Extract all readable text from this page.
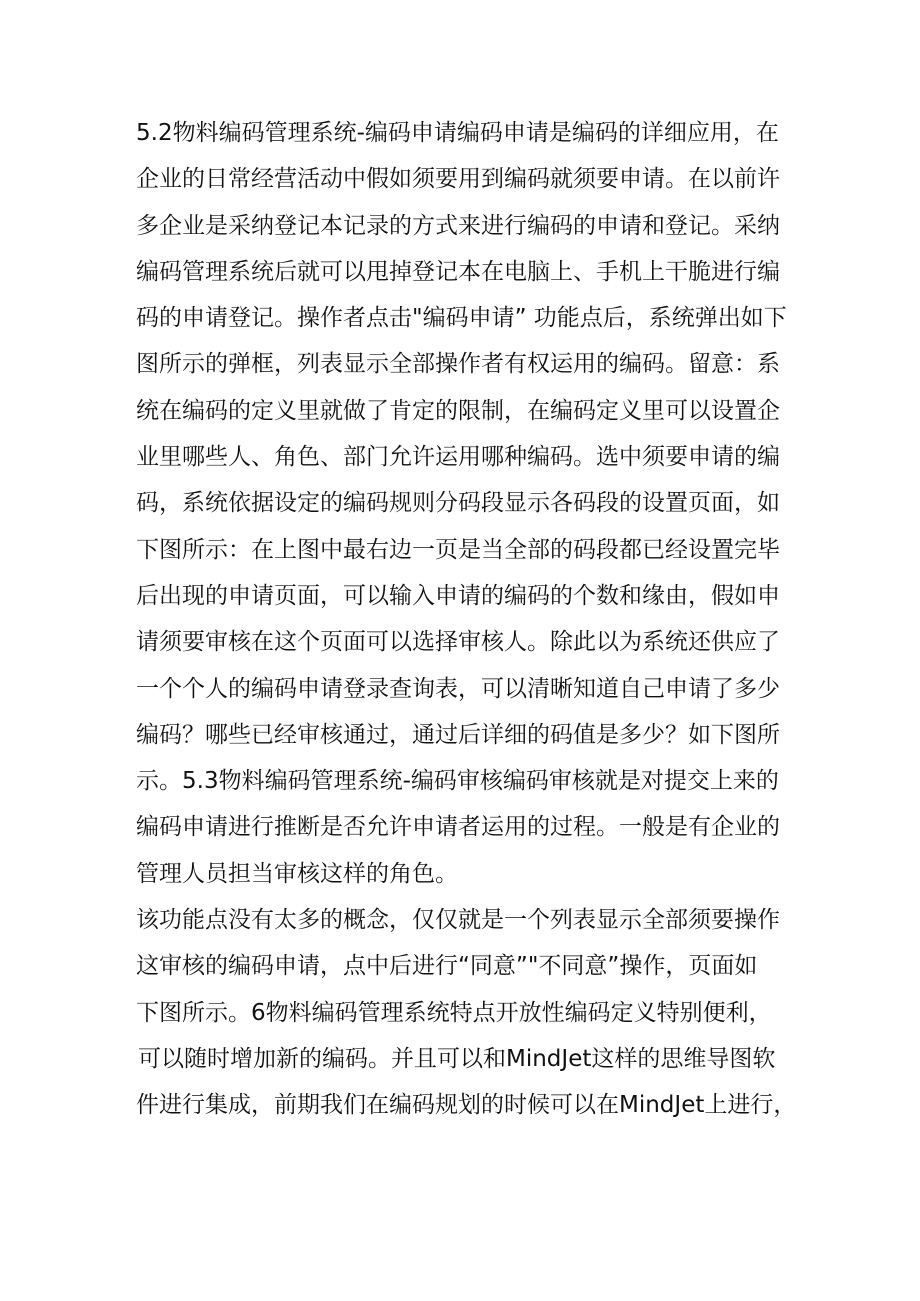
5.2物料编码管理系统-编码申请编码申请是编码的详细应用，在
企业的日常经营活动中假如须要用到编码就须要申请。在以前许
多企业是采纳登记本记录的方式来进行编码的申请和登记。采纳
编码管理系统后就可以甩掉登记本在电脑上、手机上干脆进行编
码的申请登记。操作者点击"编码申请” 功能点后，系统弹出如下
图所示的弹框，列表显示全部操作者有权运用的编码。留意：系
统在编码的定义里就做了肯定的限制，在编码定义里可以设置企
业里哪些人、角色、部门允许运用哪种编码。选中须要申请的编
码，系统依据设定的编码规则分码段显示各码段的设置页面，如
下图所示：在上图中最右边一页是当全部的码段都已经设置完毕
后出现的申请页面，可以输入申请的编码的个数和缘由，假如申
请须要审核在这个页面可以选择审核人。除此以为系统还供应了
一个个人的编码申请登录查询表，可以清晰知道自己申请了多少
编码？哪些已经审核通过，通过后详细的码值是多少？如下图所
示。5.3物料编码管理系统-编码审核编码审核就是对提交上来的
编码申请进行推断是否允许申请者运用的过程。一般是有企业的
管理人员担当审核这样的角色。
该功能点没有太多的概念，仅仅就是一个列表显示全部须要操作
这审核的编码申请，点中后进行“同意”"不同意”操作，页面如
下图所示。6物料编码管理系统特点开放性编码定义特别便利，
可以随时增加新的编码。并且可以和MindJet这样的思维导图软
件进行集成，前期我们在编码规划的时候可以在MindJet上进行，
